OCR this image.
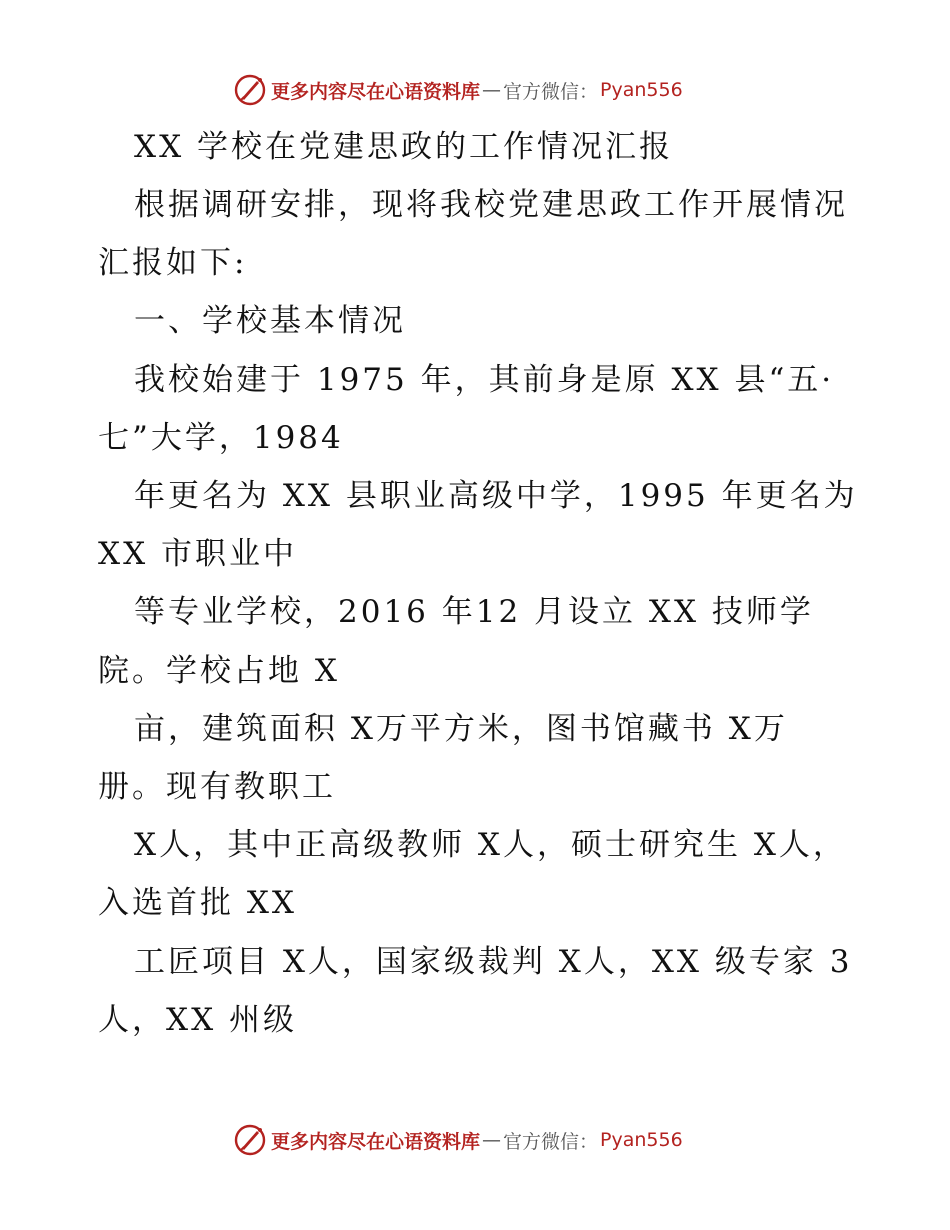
更多内容尽在心语资料库 — 官方微信： Pyan556
XX 学校在党建思政的工作情况汇报
根据调研安排，现将我校党建思政工作开展情况
汇报如下:
一、学校基本情况
我校始建于 1975 年，其前身是原 XX 县“五·
七”大学，1984
年更名为 XX 县职业高级中学，1995 年更名为
XX 市职业中
等专业学校，2016 年12 月设立 XX 技师学
院。学校占地 X
亩，建筑面积 X万平方米，图书馆藏书 X万
册。现有教职工
X人，其中正高级教师 X人，硕士研究生 X人，
入选首批 XX
工匠项目 X人，国家级裁判 X人，XX 级专家 3
人，XX 州级
更多内容尽在心语资料库 — 官方微信： Pyan556
